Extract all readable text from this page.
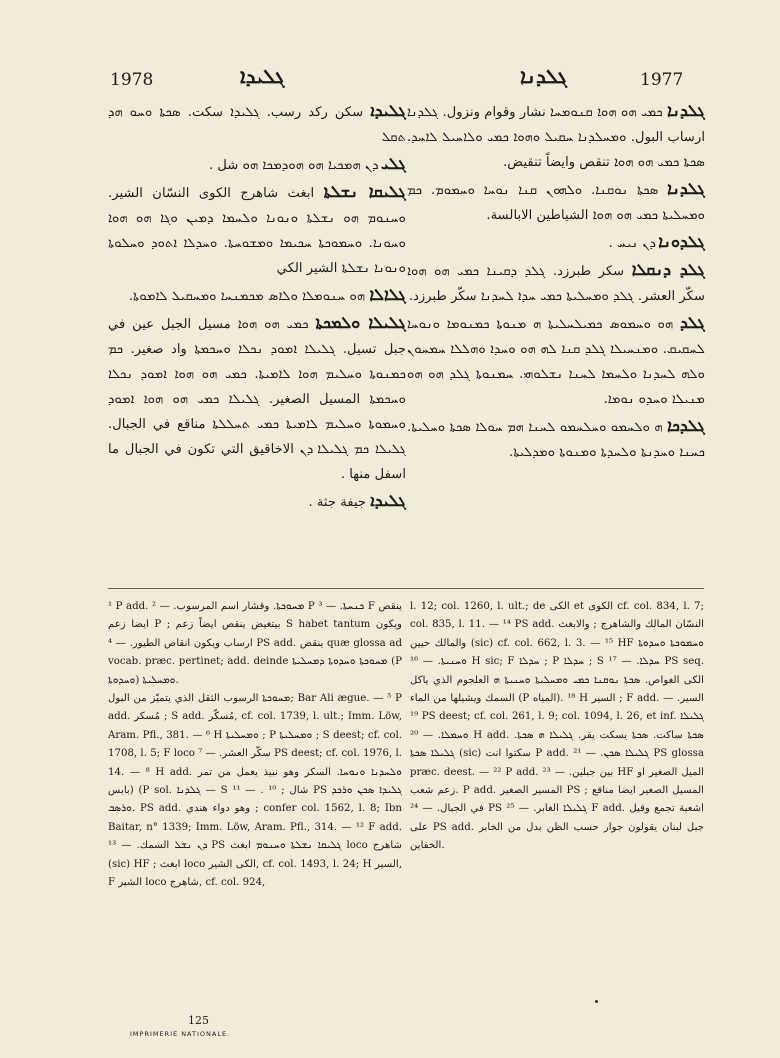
1978	ܓܠܝܕܐ	ܓܠܕܢܐ	1977

ܓܠܝܕܐ سكن ركد رسب. ܓܠܝܕܐ سكت. ܣܟܬܐ ܘܚܘ ܗܕ ܬܩܠ

ܓܠܝ ܕܢ ܗܡܟܝܐ ܗܘ ܗܘܕܡܟܐ ܗܘ شل .

ܓܠܝܩܐ ܢܫܠܬܐ ابغث شاهرج الكوى النسّان الشير. ܘܚܢܘܡ ܗܘ ܢܫܠܬܐ ܘܢܘܢܐ ܘܠܚܡܐ ܕܡܝܢ ܘܓܐ ܗܘ ܗܘܐ ܘܚܘܢܐ. ܘܚܡܘܟܬܐ ܚܟܝܡܐ ܘܡܫܘܚܬܐ. ܘܚܕܠܐ ܐܬܘܕ ܘܚܠܘܬܐ ܘܢܘܢܐ ܢܫܠܬܐ الشير الكي

ܓܠܐܠܐ ܗܘ ܚܢܘܡܠܐ ܘܠܐܣ ܡܟܡܢܚܐ ܘܡܚܩܝܠ ܠܐܡܘܬܐ.

ܓܠܝܠܐ ܘܠܡܟܬܐ ܟܡܝ ܗܘ ܗܘܐ مسيل الجبل عين في جبل تسيل. ܓܠܝܠܐ ܐܡܘܕ ܢܟܠܐ ܘܚܟܡܬܐ واد صغير. ܟܡ ܟܡܢܘܬܐ ܘܚܠܝܡ ܗܘܐ ܠܐܡܝܬܐ. ܟܡܝ ܗܘ ܗܘܐ ܐܡܘܕ ܢܟܠܐ ܘܚܟܡܬܐ المسيل الصغير. ܓܠܝܠܐ ܟܡܝ ܗܘ ܗܘܐ ܐܡܘܕ ܘܚܡܘܬܐ ܘܚܠܝܡ ܠܐܡܝܬܐ ܟܡܝ ܬܚܠܠܬܐ مناقع في الجبال. ܓܠܝܠܐ ܟܡ ܓܠܝܠܐ ܕܢ الاخاقيق التي تكون في الجبال ما اسفل منها .

ܓܠܝܕܐ جيفة جثة .

ܓܠܕܢܐ ܟܡܝ ܗܘ ܗܘܐ ܩܢܘܡܚܐ نشار وقوام ونزول. ܓܠܕܢܐ ارساب البول. ܘܡܚܠܕܢܐ ܚܩܝܠ ܘܗܘܐ ܟܡܝ ܘܠܐܚܝܠ ܠܐܚܕ. ܣܟܬܐ ܟܡܝ ܗܘ ܗܘܐ تنقص وايضاً تنقيض.

ܓܠܕܢܐ ܣܟܬܐ ܢܘܩܢܐ. ܘܠܗܘܢ ܩܢܐ ܢܘܚܐ ܘܚܡܘܡ. ܟܡ ܘܡܚܠܝܬܐ ܟܡܝ ܗܘ ܗܘܐ الشياطين الابالسة.

ܓܠܕܘܢܐ ܕܢ ܢܝܚ .

ܓܠܕ ܕܢܩܠܐ سكر طبرزد. ܓܠܕ ܕܩܝܢܐ ܟܡܝ ܗܘ ܗܘܐ سكّر العشر. ܓܠܕ ܘܡܚܠܝܬܐ ܟܡܝ ܚܕܐ ܠܚܕܢܐ سكّر طبرزد.

ܓܠܕ ܗܘ ܘܚܡܘܣ ܟܡܝܠܚܠܝܬܐ ܗ ܡܢܘܬܐ ܟܡܢܘܡܐ ܘܢܘܚܐ ܠܚܩܝܩ. ܘܡܢܚܝܠܐ ܓܠܕ ܩܢܐ ܠܗ ܗܘ ܘܚܕܐ ܘܗܠܠܐ ܚܡܚܘܢ ܘܠܗ ܠܚܕܢܐ ܘܠܚܡܐ ܠܚܢܐ ܢܫܠܘܗܝ. ܚܡܢܘܬܐ ܓܠܕ ܗܘ ܗܘ ܡܢܝܠܐ ܘܚܕܘ ܢܘܡܐ.

ܓܠܕܟܐ ܗ ܘܠܚܡܘ ܘܚܠܚܡܘ ܠܚܢܐ ܗܡ ܚܘܠܐ ܣܟܬܐ ܘܚܠܝܬܐ. ܟܚܢܐ ܘܚܕܢܬܐ ܘܠܚܕܬܐ ܘܡܢܘܬܐ ܘܡܕܠܝܬܐ.

¹ P add. ܡܚܘܟܬܐ. وقشار اسم المرسوب. — ² P ܟܢܚܬܐ. — ³ F ينقص ايضا زعم P ; بيتغيض ينقص ايضاً زعم S habet tantum ويكون ارساب ويكون انقاص الطيور. — ⁴ PS add. ينقص quæ glossa ad vocab. præc. pertinet; add. deinde ܡܚܘܟܬܐ ܘܚܕܘܬܐ ܕܡܚܠܝܬܐ (P ܘܚܕܘܬܐ) ܘܡܚܠܝܬܐ.

ܡܚܘܟܬܐ الرسوب الثقل الذي يتميّز من البول; Bar Ali ægue. — ⁵ P add. مُسكر ; S add. مُسكّر, cf. col. 1739, l. ult.; Imm. Löw, Aram. Pfl., 381. — ⁶ H ܘܡܚܠܝܬܐ ; P ܘܡܚܠܝܬܐ ; S deest; cf. col. 1708, l. 5; F loco سكّر العشر. — ⁷ PS deest; cf. col. 1976, l. 14. — ⁸ H add. ܘܠܚܕܢܐ ܘܢܘܚܐ. السكر وهو نبيذ يعمل من تمر (بابس (P sol. ܓܠܕܢܐ — S ¹¹ — . شال ; ¹⁰ PS ܓܠܝܕܐ ܣܟܢ ܘܪܟܕ ܘܪܣܒ. PS add. وهو دواء هندي ; confer col. 1562, l. 8; Ibn Baitar, n° 1339; Imm. Löw, Aram. Pfl., 314. — ¹² F add. ܕܢ ܢܫܠ السمك. — ¹³ PS ܓܠܝܩܐ ܢܫܠܬܐ ܘܚܢܘܡ ابغث loco شاهرج (sic) HF ; ابغث loco الكى الشير, cf. col. 1493, l. 24; H السير, F الشير loco شاهرج, cf. col. 924,

l. 12; col. 1260, l. ult.; de الكى et الكوى cf. col. 834, l. 7; col. 835, l. 11. — ¹⁴ PS add. النسّان المالك والشاهرج ; والابغث والمالك حيين (sic) cf. col. 662, l. 3. — ¹⁵ HF ܘܚܡܘܟܬܐ ܘܚܕܘܬܐ ܘܚܢܝܬܐ. — ¹⁶ H sic; F ܚܕܠܐ ; P ܚܕܠܐ ; S ܚܕܠܐ. — ¹⁷ PS seq. الكى الغواص. ܣܟܬܐ ܢܘܩܢܐ ܟܡܝ ܘܡܚܠܝܬܐ ܘܚܢܝܬܐ ܗ العلجوم الذي ياكل السمك ويشيلها من الماء (P المياه). ¹⁸ H السير ; F add. السير. — ¹⁹ PS deest; cf. col. 261, l. 9; col. 1094, l. 26, et inf. ܓܠܝܠܐ ܘܚܡܠܐ. — ²⁰ H add. ܣܟܬܐ ساكت. ܣܟܬܐ يسكت يقر. ܓܠܝܠܐ ܗ ܣܟܬܐ. ܓܠܝܠܐ ܣܟܬܐ (sic) سكتوا انت P add. ܓܠܝܠܐ ܣܟܢ. — ²¹ PS glossa præc. deest. — ²² P add. بين جبلين. — ²³ HF الميل الصغير او زعم شعب. P add. المسير الصغير PS ; المسيل الصغير ايضا مناقع في الجبال. — ²⁴ PS ܓܠܝܠܐ الغابر. — ²⁵ F add. اشعبة تجمع وقيل على PS add. جبل لبنان يقولون جوار حسب الظن بدل من الخابر الخفاين.

125
IMPRIMERIE NATIONALE.
